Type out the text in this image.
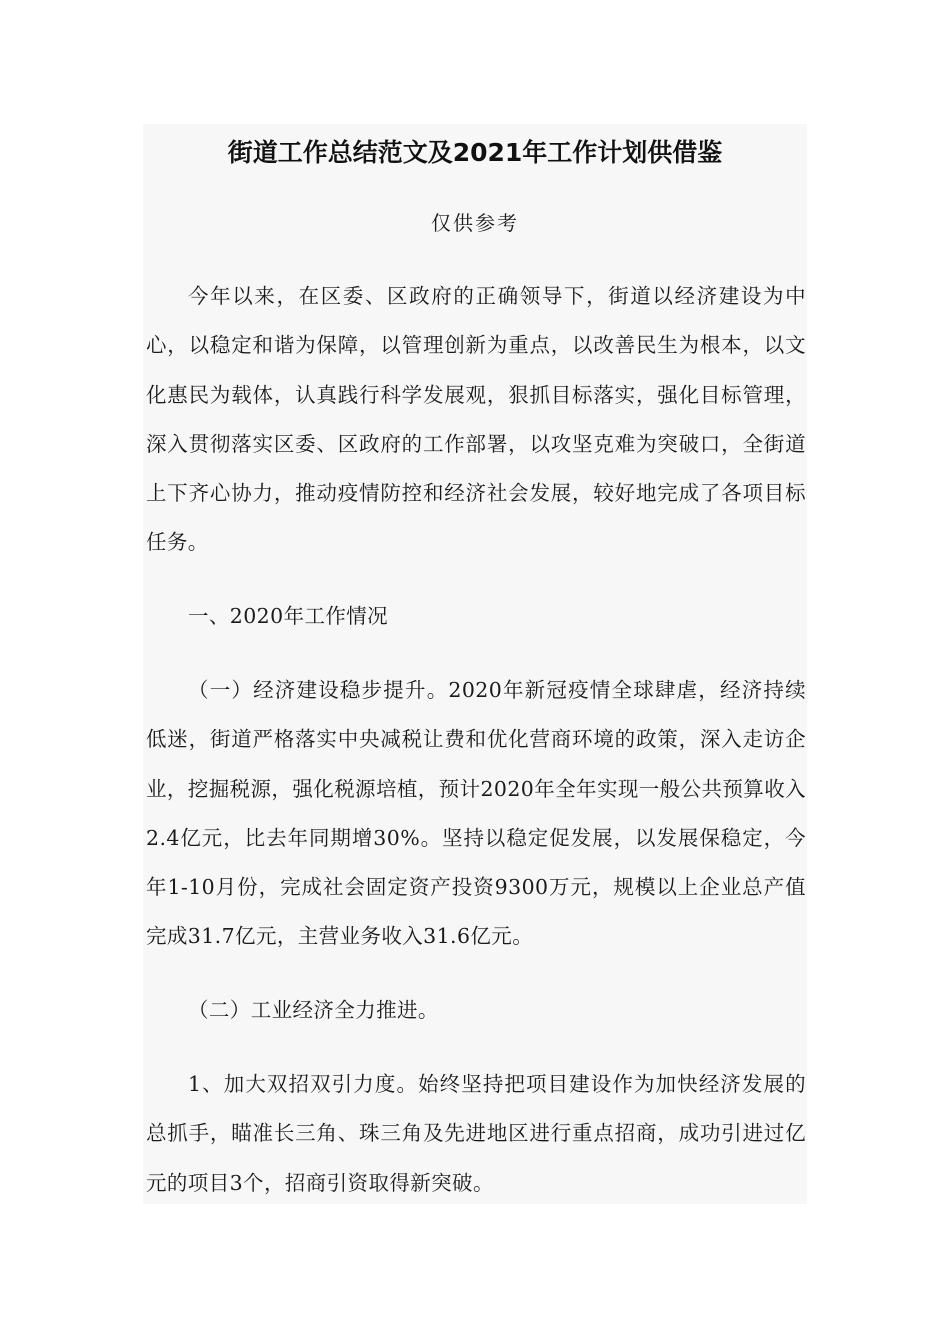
街道工作总结范文及2021年工作计划供借鉴
仅供参考

今年以来，在区委、区政府的正确领导下，街道以经济建设为中心，以稳定和谐为保障，以管理创新为重点，以改善民生为根本，以文化惠民为载体，认真践行科学发展观，狠抓目标落实，强化目标管理，深入贯彻落实区委、区政府的工作部署，以攻坚克难为突破口，全街道上下齐心协力，推动疫情防控和经济社会发展，较好地完成了各项目标任务。

一、2020年工作情况

（一）经济建设稳步提升。2020年新冠疫情全球肆虐，经济持续低迷，街道严格落实中央减税让费和优化营商环境的政策，深入走访企业，挖掘税源，强化税源培植，预计2020年全年实现一般公共预算收入2.4亿元，比去年同期增30%。坚持以稳定促发展，以发展保稳定，今年1-10月份，完成社会固定资产投资9300万元，规模以上企业总产值完成31.7亿元，主营业务收入31.6亿元。

（二）工业经济全力推进。

1、加大双招双引力度。始终坚持把项目建设作为加快经济发展的总抓手，瞄准长三角、珠三角及先进地区进行重点招商，成功引进过亿元的项目3个，招商引资取得新突破。
